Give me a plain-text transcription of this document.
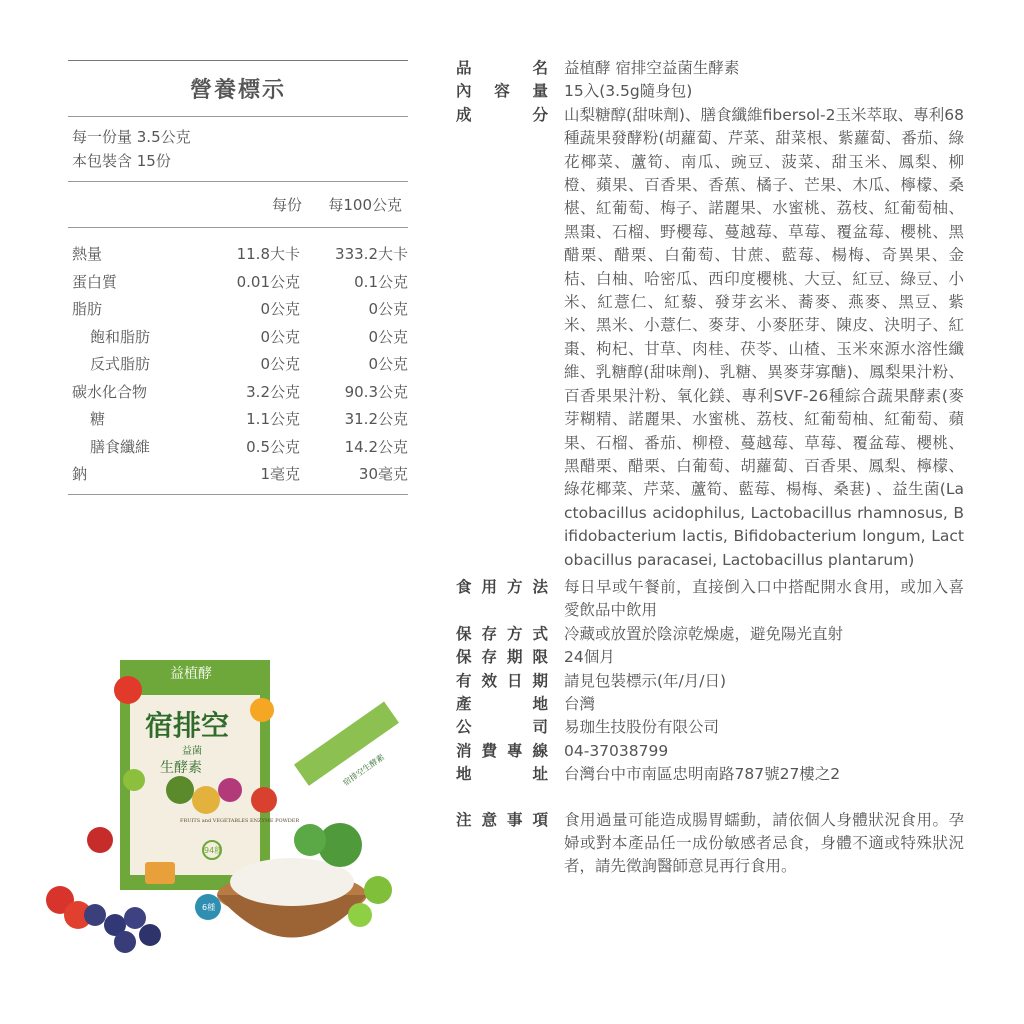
營養標示
每一份量 3.5公克
本包裝含 15份
每份	每100公克
熱量	11.8大卡	333.2大卡
蛋白質	0.01公克	0.1公克
脂肪	0公克	0公克
飽和脂肪	0公克	0公克
反式脂肪	0公克	0公克
碳水化合物	3.2公克	90.3公克
糖	1.1公克	31.2公克
膳食纖維	0.5公克	14.2公克
鈉	1毫克	30毫克
品	名 益植酵 宿排空益菌生酵素
內 容 量 15入(3.5g隨身包)
成	分 山梨糖醇(甜味劑)、膳食纖維fibersol-2玉米萃取、專利68種蔬果發酵粉(胡蘿蔔、芹菜、甜菜根、紫蘿蔔、番茄、綠花椰菜、蘆筍、南瓜、豌豆、菠菜、甜玉米、鳳梨、柳橙、蘋果、百香果、香蕉、橘子、芒果、木瓜、檸檬、桑椹、紅葡萄、梅子、諾麗果、水蜜桃、荔枝、紅葡萄柚、黑棗、石榴、野櫻莓、蔓越莓、草莓、覆盆莓、櫻桃、黑醋栗、醋栗、白葡萄、甘蔗、藍莓、楊梅、奇異果、金桔、白柚、哈密瓜、西印度櫻桃、大豆、紅豆、綠豆、小米、紅薏仁、紅藜、發芽玄米、蕎麥、燕麥、黑豆、紫米、黑米、小薏仁、麥芽、小麥胚芽、陳皮、決明子、紅棗、枸杞、甘草、肉桂、茯苓、山楂、玉米來源水溶性纖維、乳糖醇(甜味劑)、乳糖、異麥芽寡醣)、鳳梨果汁粉、百香果果汁粉、氧化鎂、專利SVF-26種綜合蔬果酵素(麥芽糊精、諾麗果、水蜜桃、荔枝、紅葡萄柚、紅葡萄、蘋果、石榴、番茄、柳橙、蔓越莓、草莓、覆盆莓、櫻桃、黑醋栗、醋栗、白葡萄、胡蘿蔔、百香果、鳳梨、檸檬、綠花椰菜、芹菜、蘆筍、藍莓、楊梅、桑葚) 、益生菌(Lactobacillus acidophilus, Lactobacillus rhamnosus, Bifidobacterium lactis, Bifidobacterium longum, Lactobacillus paracasei, Lactobacillus plantarum)
食 用 方 法 每日早或午餐前，直接倒入口中搭配開水食用，或加入喜愛飲品中飲用
保 存 方 式 冷藏或放置於陰涼乾燥處，避免陽光直射
保 存 期 限 24個月
有 效 日 期 請見包裝標示(年/月/日)
產	地 台灣
公	司 易珈生技股份有限公司
消 費 專 線 04-37038799
地	址 台灣台中市南區忠明南路787號27樓之2
注 意 事 項 食用過量可能造成腸胃蠕動，請依個人身體狀況食用。孕婦或對本產品任一成份敏感者忌食，身體不適或特殊狀況者，請先徵詢醫師意見再行食用。
益植酵
宿排空
益菌
生酵素
FRUITS and VEGETABLES ENZYME POWDER
94種
6種
宿排空生酵素
